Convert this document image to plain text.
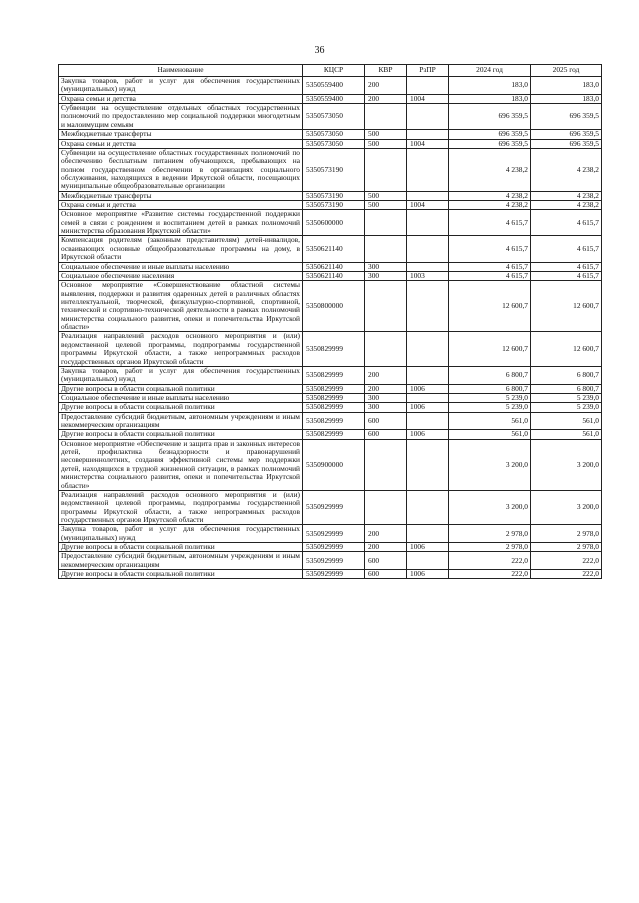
36
Наименование	КЦСР	КВР	РзПР	2024 год	2025 год
Закупка товаров, работ и услуг для обеспечения государственных (муниципальных) нужд	5350559400	200		183,0	183,0
Охрана семьи и детства	5350559400	200	1004	183,0	183,0
Субвенции на осуществление отдельных областных государственных полномочий по предоставлению мер социальной поддержки многодетным и малоимущим семьям	5350573050			696 359,5	696 359,5
Межбюджетные трансферты	5350573050	500		696 359,5	696 359,5
Охрана семьи и детства	5350573050	500	1004	696 359,5	696 359,5
Субвенции на осуществление областных государственных полномочий по обеспечению бесплатным питанием обучающихся, пребывающих на полном государственном обеспечении в организациях социального обслуживания, находящихся в ведении Иркутской области, посещающих муниципальные общеобразовательные организации	5350573190			4 238,2	4 238,2
Межбюджетные трансферты	5350573190	500		4 238,2	4 238,2
Охрана семьи и детства	5350573190	500	1004	4 238,2	4 238,2
Основное мероприятие «Развитие системы государственной поддержки семей в связи с рождением и воспитанием детей в рамках полномочий министерства образования Иркутской области»	5350600000			4 615,7	4 615,7
Компенсация родителям (законным представителям) детей-инвалидов, осваивающих основные общеобразовательные программы на дому, в Иркутской области	5350621140			4 615,7	4 615,7
Социальное обеспечение и иные выплаты населению	5350621140	300		4 615,7	4 615,7
Социальное обеспечение населения	5350621140	300	1003	4 615,7	4 615,7
Основное мероприятие «Совершенствование областной системы выявления, поддержки и развития одаренных детей в различных областях интеллектуальной, творческой, физкультурно-спортивной, спортивной, технической и спортивно-технической деятельности в рамках полномочий министерства социального развития, опеки и попечительства Иркутской области»	5350800000			12 600,7	12 600,7
Реализация направлений расходов основного мероприятия и (или) ведомственной целевой программы, подпрограммы государственной программы Иркутской области, а также непрограммных расходов государственных органов Иркутской области	5350829999			12 600,7	12 600,7
Закупка товаров, работ и услуг для обеспечения государственных (муниципальных) нужд	5350829999	200		6 800,7	6 800,7
Другие вопросы в области социальной политики	5350829999	200	1006	6 800,7	6 800,7
Социальное обеспечение и иные выплаты населению	5350829999	300		5 239,0	5 239,0
Другие вопросы в области социальной политики	5350829999	300	1006	5 239,0	5 239,0
Предоставление субсидий бюджетным, автономным учреждениям и иным некоммерческим организациям	5350829999	600		561,0	561,0
Другие вопросы в области социальной политики	5350829999	600	1006	561,0	561,0
Основное мероприятие «Обеспечение и защита прав и законных интересов детей, профилактика безнадзорности и правонарушений несовершеннолетних, создания эффективной системы мер поддержки детей, находящихся в трудной жизненной ситуации, в рамках полномочий министерства социального развития, опеки и попечительства Иркутской области»	5350900000			3 200,0	3 200,0
Реализация направлений расходов основного мероприятия и (или) ведомственной целевой программы, подпрограммы государственной программы Иркутской области, а также непрограммных расходов государственных органов Иркутской области	5350929999			3 200,0	3 200,0
Закупка товаров, работ и услуг для обеспечения государственных (муниципальных) нужд	5350929999	200		2 978,0	2 978,0
Другие вопросы в области социальной политики	5350929999	200	1006	2 978,0	2 978,0
Предоставление субсидий бюджетным, автономным учреждениям и иным некоммерческим организациям	5350929999	600		222,0	222,0
Другие вопросы в области социальной политики	5350929999	600	1006	222,0	222,0
